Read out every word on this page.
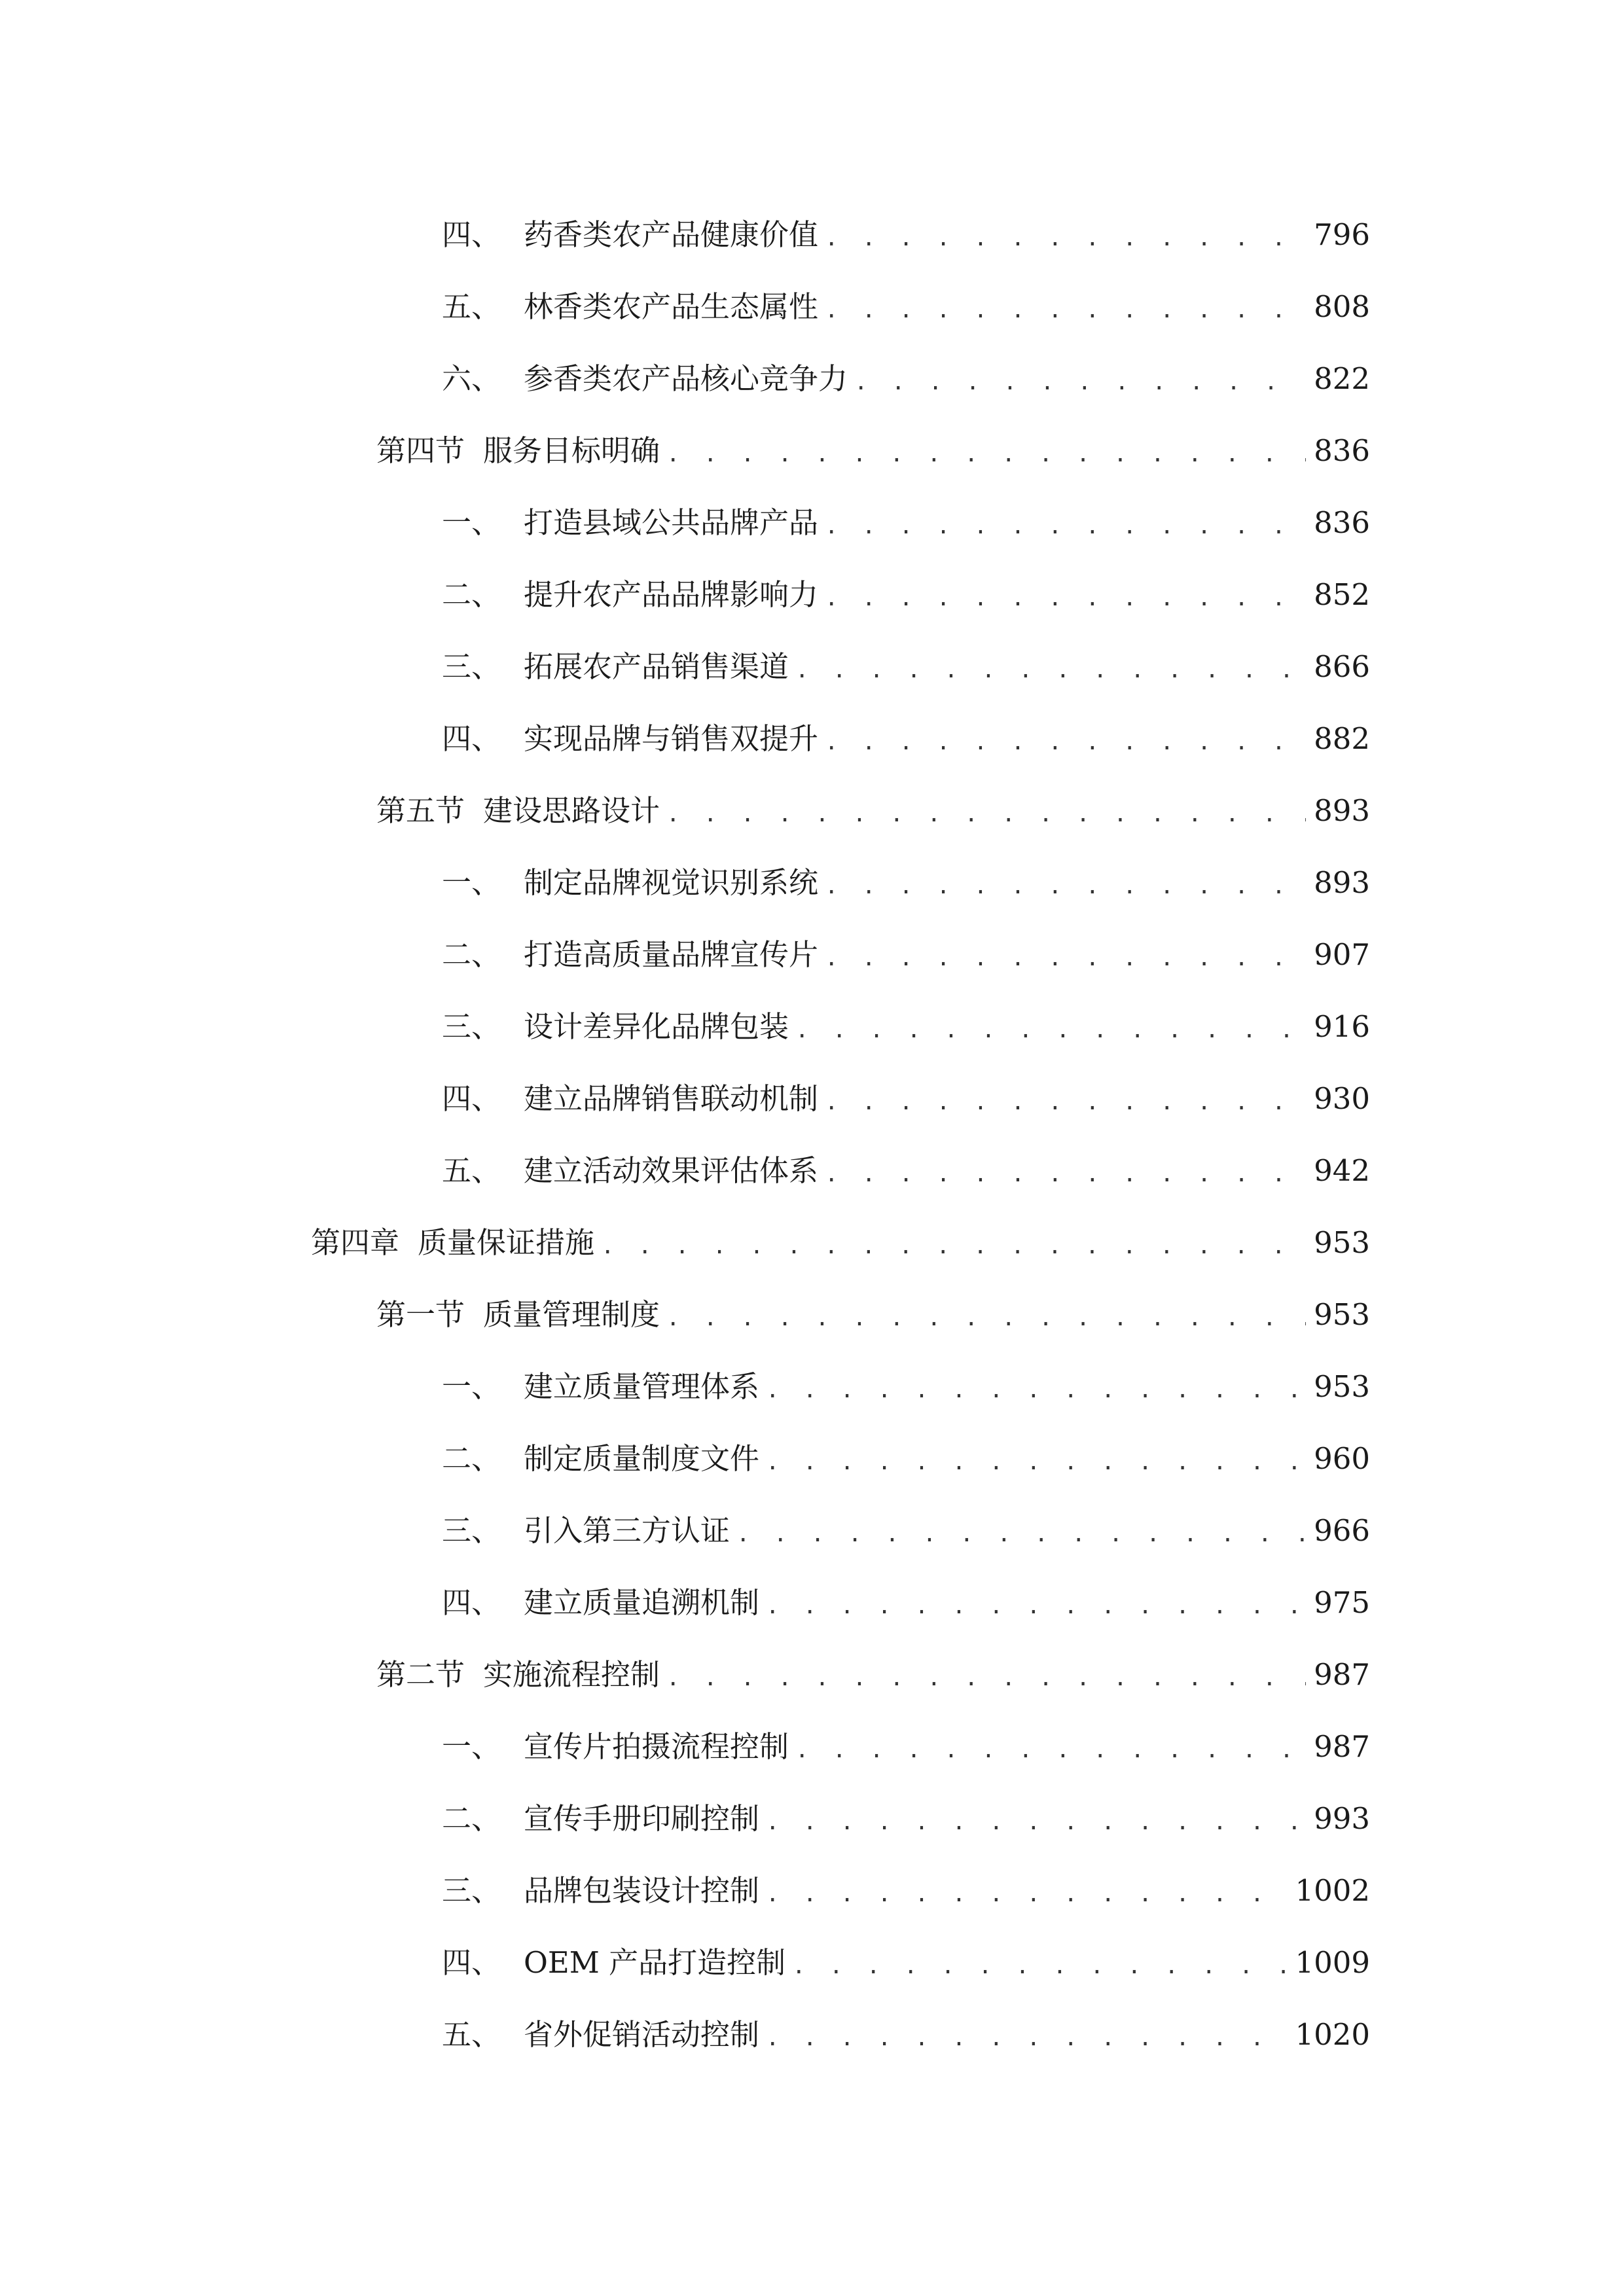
四、 药香类农产品健康价值 . . .	796
五、 林香类农产品生态属性 . . .	808
六、 参香类农产品核心竞争力 . . .	822
第四节 服务目标明确 . . .	836
一、 打造县域公共品牌产品 . . .	836
二、 提升农产品品牌影响力 . . .	852
三、 拓展农产品销售渠道 . . .	866
四、 实现品牌与销售双提升 . . .	882
第五节 建设思路设计 . . .	893
一、 制定品牌视觉识别系统 . . .	893
二、 打造高质量品牌宣传片 . . .	907
三、 设计差异化品牌包装 . . .	916
四、 建立品牌销售联动机制 . . .	930
五、 建立活动效果评估体系 . . .	942
第四章 质量保证措施 . . .	953
第一节 质量管理制度 . . .	953
一、 建立质量管理体系 . . .	953
二、 制定质量制度文件 . . .	960
三、 引入第三方认证 . . .	966
四、 建立质量追溯机制 . . .	975
第二节 实施流程控制 . . .	987
一、 宣传片拍摄流程控制 . . .	987
二、 宣传手册印刷控制 . . .	993
三、 品牌包装设计控制 . . .	1002
四、 OEM 产品打造控制 . . .	1009
五、 省外促销活动控制 . . .	1020
